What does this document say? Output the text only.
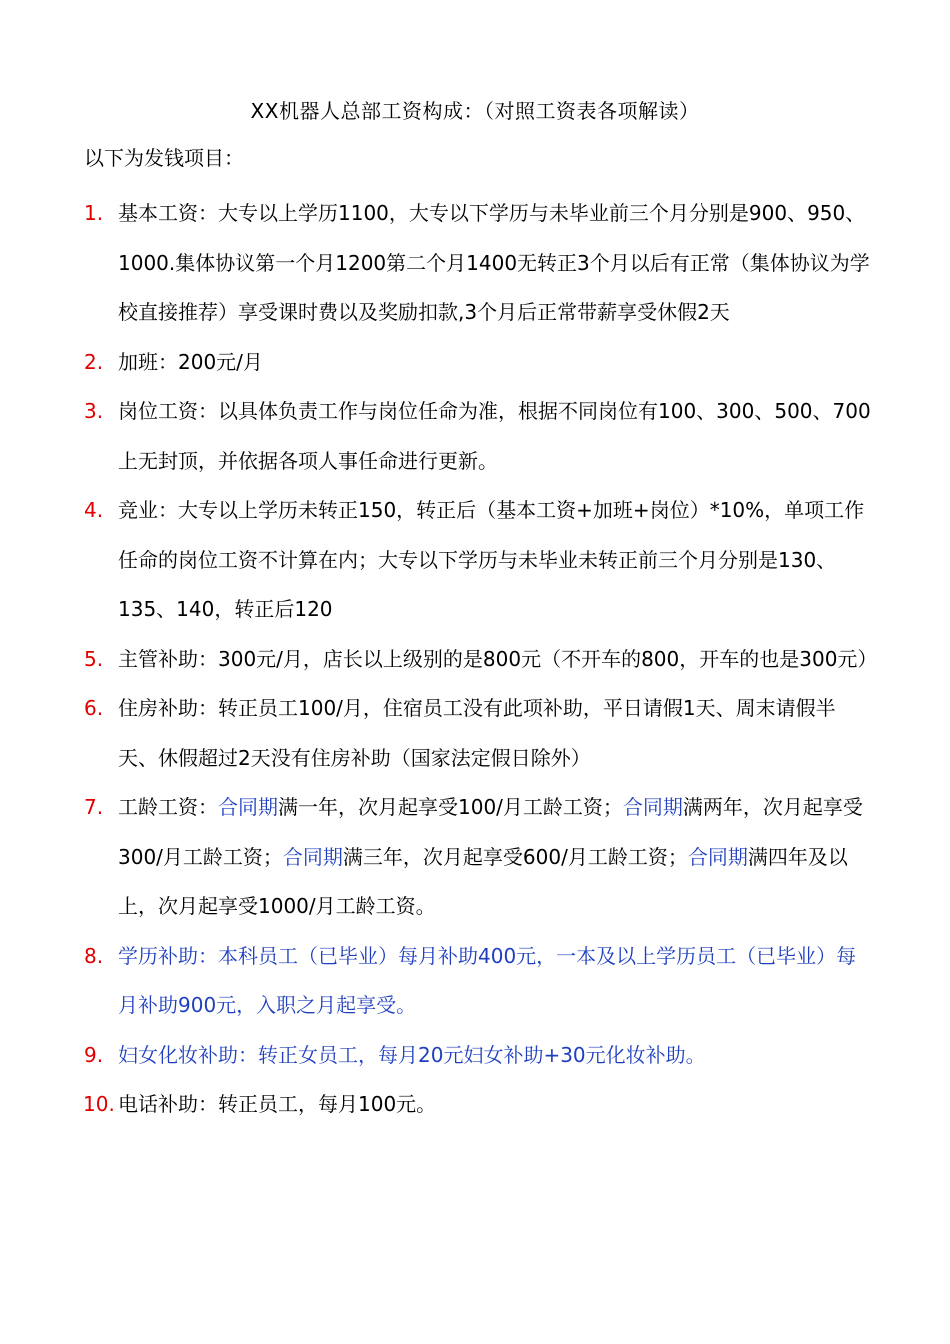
XX机器人总部工资构成：（对照工资表各项解读）
以下为发钱项目：
1. 基本工资：大专以上学历1100，大专以下学历与未毕业前三个月分别是900、950、1000.集体协议第一个月1200第二个月1400无转正3个月以后有正常（集体协议为学校直接推荐）享受课时费以及奖励扣款,3个月后正常带薪享受休假2天
2. 加班：200元/月
3. 岗位工资：以具体负责工作与岗位任命为准，根据不同岗位有100、300、500、700上无封顶，并依据各项人事任命进行更新。
4. 竞业：大专以上学历未转正150，转正后（基本工资+加班+岗位）*10%，单项工作任命的岗位工资不计算在内；大专以下学历与未毕业未转正前三个月分别是130、135、140，转正后120
5. 主管补助：300元/月，店长以上级别的是800元（不开车的800，开车的也是300元）
6. 住房补助：转正员工100/月，住宿员工没有此项补助，平日请假1天、周末请假半天、休假超过2天没有住房补助（国家法定假日除外）
7. 工龄工资：合同期满一年，次月起享受100/月工龄工资；合同期满两年，次月起享受300/月工龄工资；合同期满三年，次月起享受600/月工龄工资；合同期满四年及以上，次月起享受1000/月工龄工资。
8. 学历补助：本科员工（已毕业）每月补助400元，一本及以上学历员工（已毕业）每月补助900元，入职之月起享受。
9. 妇女化妆补助：转正女员工，每月20元妇女补助+30元化妆补助。
10. 电话补助：转正员工，每月100元。
